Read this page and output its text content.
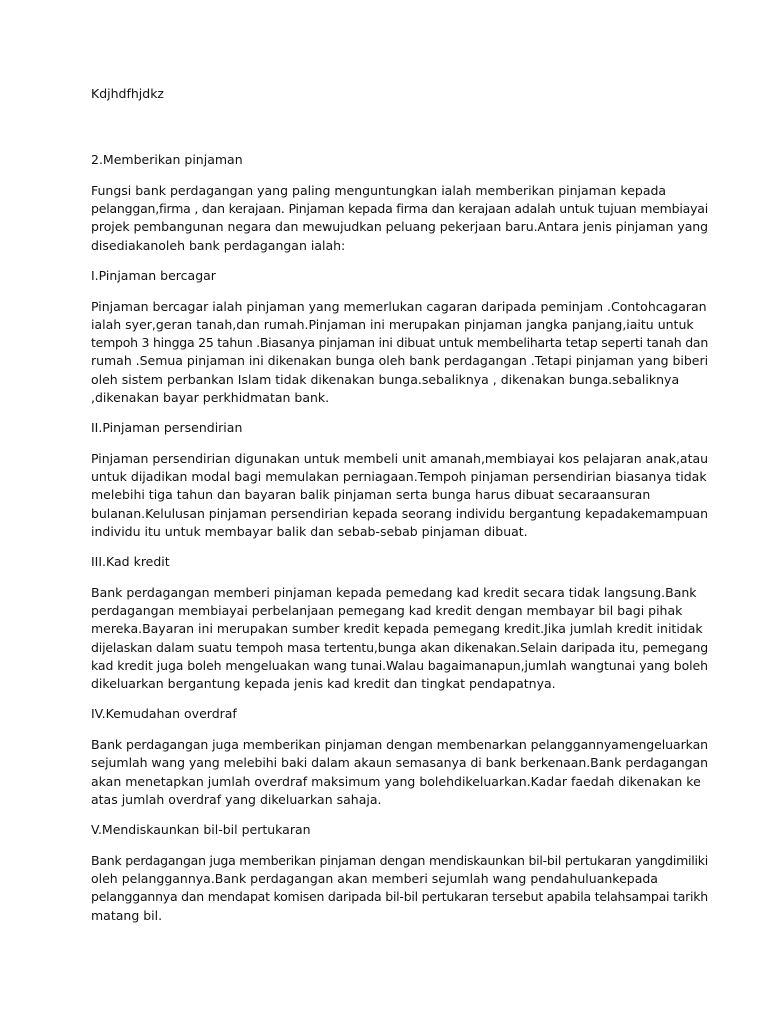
Kdjhdfhjdkz

2.Memberikan pinjaman

Fungsi bank perdagangan yang paling menguntungkan ialah memberikan pinjaman kepada
pelanggan,firma , dan kerajaan. Pinjaman kepada firma dan kerajaan adalah untuk tujuan membiayai
projek pembangunan negara dan mewujudkan peluang pekerjaan baru.Antara jenis pinjaman yang
disediakanoleh bank perdagangan ialah:

I.Pinjaman bercagar

Pinjaman bercagar ialah pinjaman yang memerlukan cagaran daripada peminjam .Contohcagaran
ialah syer,geran tanah,dan rumah.Pinjaman ini merupakan pinjaman jangka panjang,iaitu untuk
tempoh 3 hingga 25 tahun .Biasanya pinjaman ini dibuat untuk membeliharta tetap seperti tanah dan
rumah .Semua pinjaman ini dikenakan bunga oleh bank perdagangan .Tetapi pinjaman yang biberi
oleh sistem perbankan Islam tidak dikenakan bunga.sebaliknya , dikenakan bunga.sebaliknya
,dikenakan bayar perkhidmatan bank.

II.Pinjaman persendirian

Pinjaman persendirian digunakan untuk membeli unit amanah,membiayai kos pelajaran anak,atau
untuk dijadikan modal bagi memulakan perniagaan.Tempoh pinjaman persendirian biasanya tidak
melebihi tiga tahun dan bayaran balik pinjaman serta bunga harus dibuat secaraansuran
bulanan.Kelulusan pinjaman persendirian kepada seorang individu bergantung kepadakemampuan
individu itu untuk membayar balik dan sebab-sebab pinjaman dibuat.

III.Kad kredit

Bank perdagangan memberi pinjaman kepada pemedang kad kredit secara tidak langsung.Bank
perdagangan membiayai perbelanjaan pemegang kad kredit dengan membayar bil bagi pihak
mereka.Bayaran ini merupakan sumber kredit kepada pemegang kredit.Jika jumlah kredit initidak
dijelaskan dalam suatu tempoh masa tertentu,bunga akan dikenakan.Selain daripada itu, pemegang
kad kredit juga boleh mengeluakan wang tunai.Walau bagaimanapun,jumlah wangtunai yang boleh
dikeluarkan bergantung kepada jenis kad kredit dan tingkat pendapatnya.

IV.Kemudahan overdraf

Bank perdagangan juga memberikan pinjaman dengan membenarkan pelanggannyamengeluarkan
sejumlah wang yang melebihi baki dalam akaun semasanya di bank berkenaan.Bank perdagangan
akan menetapkan jumlah overdraf maksimum yang bolehdikeluarkan.Kadar faedah dikenakan ke
atas jumlah overdraf yang dikeluarkan sahaja.

V.Mendiskaunkan bil-bil pertukaran

Bank perdagangan juga memberikan pinjaman dengan mendiskaunkan bil-bil pertukaran yangdimiliki
oleh pelanggannya.Bank perdagangan akan memberi sejumlah wang pendahuluankepada
pelanggannya dan mendapat komisen daripada bil-bil pertukaran tersebut apabila telahsampai tarikh
matang bil.
